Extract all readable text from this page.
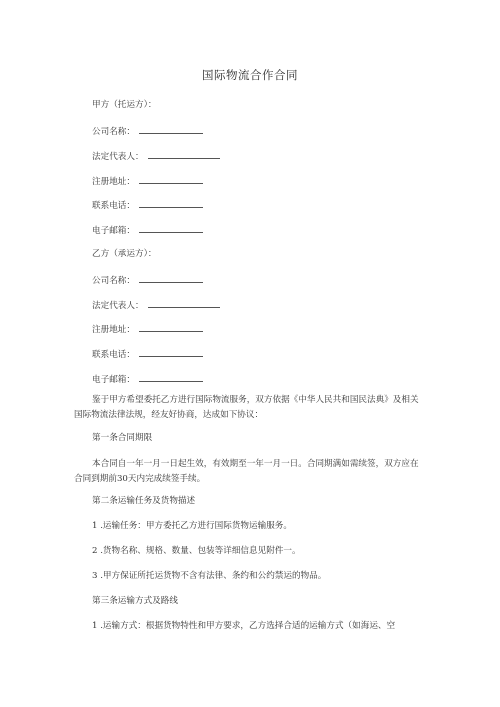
国际物流合作合同
甲方（托运方）：
公司名称：
法定代表人：
注册地址：
联系电话：
电子邮箱：
乙方（承运方）：
公司名称：
法定代表人：
注册地址：
联系电话：
电子邮箱：
鉴于甲方希望委托乙方进行国际物流服务，双方依据《中华人民共和国民法典》及相关国际物流法律法规，经友好协商，达成如下协议：
第一条合同期限
本合同自一年一月一日起生效，有效期至一年一月一日。合同期满如需续签，双方应在合同到期前30天内完成续签手续。
第二条运输任务及货物描述
1 .运输任务：甲方委托乙方进行国际货物运输服务。
2 .货物名称、规格、数量、包装等详细信息见附件一。
3 .甲方保证所托运货物不含有法律、条约和公约禁运的物品。
第三条运输方式及路线
1 .运输方式：根据货物特性和甲方要求，乙方选择合适的运输方式（如海运、空
